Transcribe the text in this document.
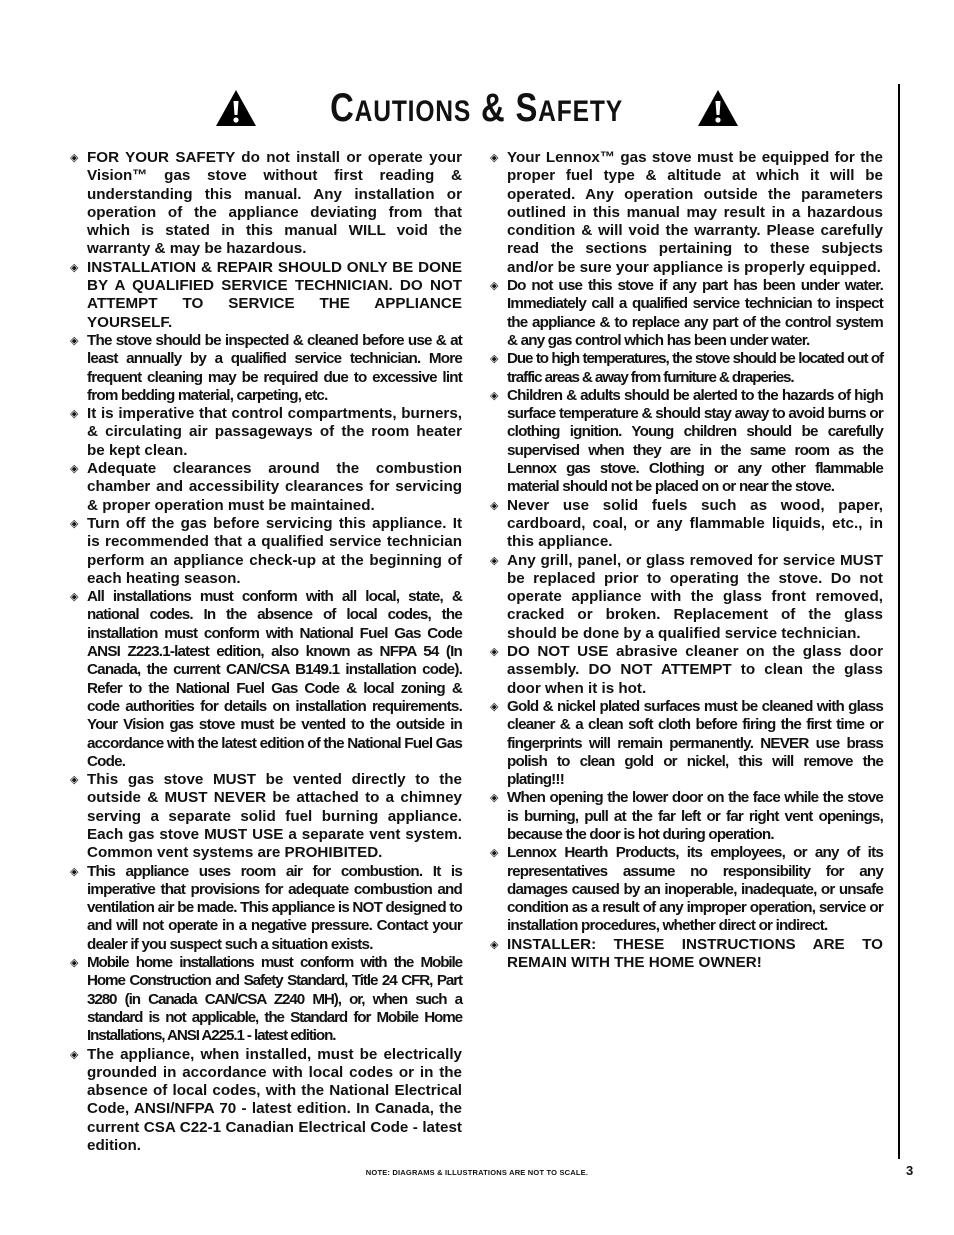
CAUTIONS & SAFETY
◈ FOR YOUR SAFETY do not install or operate your Vision™ gas stove without first reading & understanding this manual. Any installation or operation of the appliance deviating from that which is stated in this manual WILL void the warranty & may be hazardous.
◈ INSTALLATION & REPAIR SHOULD ONLY BE DONE BY A QUALIFIED SERVICE TECHNICIAN. DO NOT ATTEMPT TO SERVICE THE APPLIANCE YOURSELF.
◈ The stove should be inspected & cleaned before use & at least annually by a qualified service technician. More frequent cleaning may be required due to excessive lint from bedding material, carpeting, etc.
◈ It is imperative that control compartments, burners, & circulating air passageways of the room heater be kept clean.
◈ Adequate clearances around the combustion chamber and accessibility clearances for servicing & proper operation must be maintained.
◈ Turn off the gas before servicing this appliance. It is recommended that a qualified service technician perform an appliance check-up at the beginning of each heating season.
◈ All installations must conform with all local, state, & national codes. In the absence of local codes, the installation must conform with National Fuel Gas Code ANSI Z223.1-latest edition, also known as NFPA 54 (In Canada, the current CAN/CSA B149.1 installation code). Refer to the National Fuel Gas Code & local zoning & code authorities for details on installation requirements. Your Vision gas stove must be vented to the outside in accordance with the latest edition of the National Fuel Gas Code.
◈ This gas stove MUST be vented directly to the outside & MUST NEVER be attached to a chimney serving a separate solid fuel burning appliance. Each gas stove MUST USE a separate vent system. Common vent systems are PROHIBITED.
◈ This appliance uses room air for combustion. It is imperative that provisions for adequate combustion and ventilation air be made. This appliance is NOT designed to and will not operate in a negative pressure. Contact your dealer if you suspect such a situation exists.
◈ Mobile home installations must conform with the Mobile Home Construction and Safety Standard, Title 24 CFR, Part 3280 (in Canada CAN/CSA Z240 MH), or, when such a standard is not applicable, the Standard for Mobile Home Installations, ANSI A225.1 - latest edition.
◈ The appliance, when installed, must be electrically grounded in accordance with local codes or in the absence of local codes, with the National Electrical Code, ANSI/NFPA 70 - latest edition. In Canada, the current CSA C22-1 Canadian Electrical Code - latest edition.
◈ Your Lennox™ gas stove must be equipped for the proper fuel type & altitude at which it will be operated. Any operation outside the parameters outlined in this manual may result in a hazardous condition & will void the warranty. Please carefully read the sections pertaining to these subjects and/or be sure your appliance is properly equipped.
◈ Do not use this stove if any part has been under water. Immediately call a qualified service technician to inspect the appliance & to replace any part of the control system & any gas control which has been under water.
◈ Due to high temperatures, the stove should be located out of traffic areas & away from furniture & draperies.
◈ Children & adults should be alerted to the hazards of high surface temperature & should stay away to avoid burns or clothing ignition. Young children should be carefully supervised when they are in the same room as the Lennox gas stove. Clothing or any other flammable material should not be placed on or near the stove.
◈ Never use solid fuels such as wood, paper, cardboard, coal, or any flammable liquids, etc., in this appliance.
◈ Any grill, panel, or glass removed for service MUST be replaced prior to operating the stove. Do not operate appliance with the glass front removed, cracked or broken. Replacement of the glass should be done by a qualified service technician.
◈ DO NOT USE abrasive cleaner on the glass door assembly. DO NOT ATTEMPT to clean the glass door when it is hot.
◈ Gold & nickel plated surfaces must be cleaned with glass cleaner & a clean soft cloth before firing the first time or fingerprints will remain permanently. NEVER use brass polish to clean gold or nickel, this will remove the plating!!!
◈ When opening the lower door on the face while the stove is burning, pull at the far left or far right vent openings, because the door is hot during operation.
◈ Lennox Hearth Products, its employees, or any of its representatives assume no responsibility for any damages caused by an inoperable, inadequate, or unsafe condition as a result of any improper operation, service or installation procedures, whether direct or indirect.
◈ INSTALLER: THESE INSTRUCTIONS ARE TO REMAIN WITH THE HOME OWNER!
NOTE: DIAGRAMS & ILLUSTRATIONS ARE NOT TO SCALE.	3
